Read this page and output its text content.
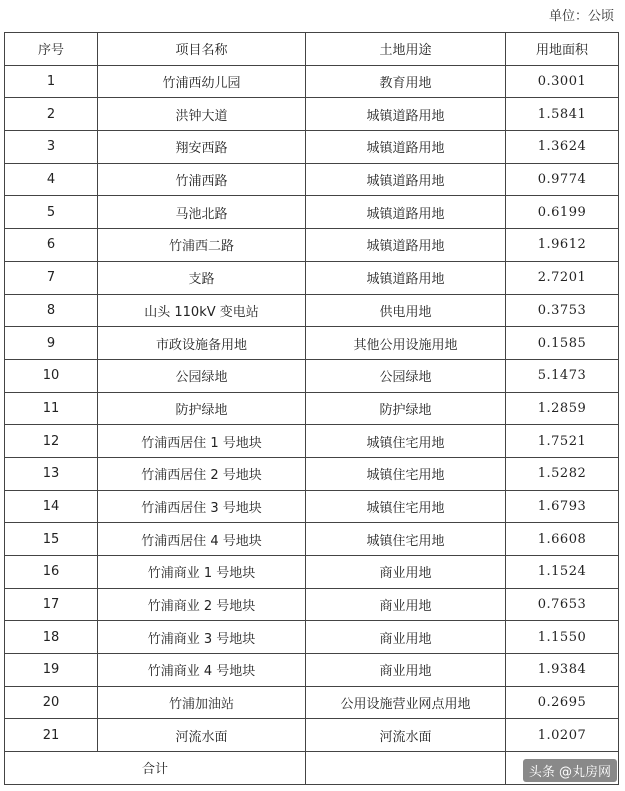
单位：公顷
序号	项目名称	土地用途	用地面积
1	竹浦西幼儿园	教育用地	0.3001
2	洪钟大道	城镇道路用地	1.5841
3	翔安西路	城镇道路用地	1.3624
4	竹浦西路	城镇道路用地	0.9774
5	马池北路	城镇道路用地	0.6199
6	竹浦西二路	城镇道路用地	1.9612
7	支路	城镇道路用地	2.7201
8	山头 110kV 变电站	供电用地	0.3753
9	市政设施备用地	其他公用设施用地	0.1585
10	公园绿地	公园绿地	5.1473
11	防护绿地	防护绿地	1.2859
12	竹浦西居住 1 号地块	城镇住宅用地	1.7521
13	竹浦西居住 2 号地块	城镇住宅用地	1.5282
14	竹浦西居住 3 号地块	城镇住宅用地	1.6793
15	竹浦西居住 4 号地块	城镇住宅用地	1.6608
16	竹浦商业 1 号地块	商业用地	1.1524
17	竹浦商业 2 号地块	商业用地	0.7653
18	竹浦商业 3 号地块	商业用地	1.1550
19	竹浦商业 4 号地块	商业用地	1.9384
20	竹浦加油站	公用设施营业网点用地	0.2695
21	河流水面	河流水面	1.0207
合计				头条 @丸房网
